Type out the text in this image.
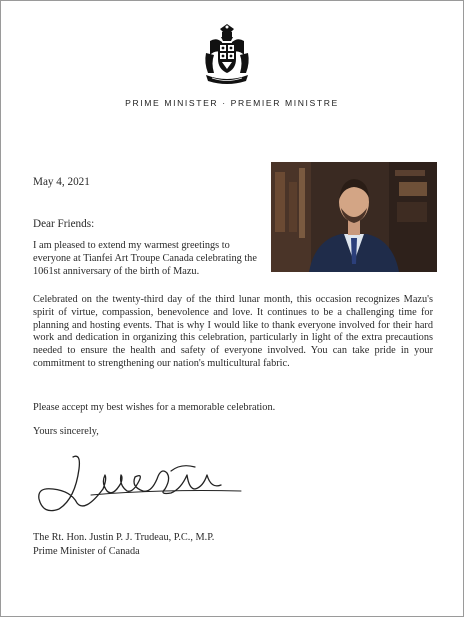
PRIME MINISTER · PREMIER MINISTRE
May 4, 2021
Dear Friends:

I am pleased to extend my warmest greetings to everyone at Tianfei Art Troupe Canada celebrating the 1061st anniversary of the birth of Mazu.

Celebrated on the twenty-third day of the third lunar month, this occasion recognizes Mazu's spirit of virtue, compassion, benevolence and love. It continues to be a challenging time for planning and hosting events. That is why I would like to thank everyone involved for their hard work and dedication in organizing this celebration, particularly in light of the extra precautions needed to ensure the health and safety of everyone involved. You can take pride in your commitment to strengthening our nation's multicultural fabric.

Please accept my best wishes for a memorable celebration.

Yours sincerely,
The Rt. Hon. Justin P. J. Trudeau, P.C., M.P.
Prime Minister of Canada
